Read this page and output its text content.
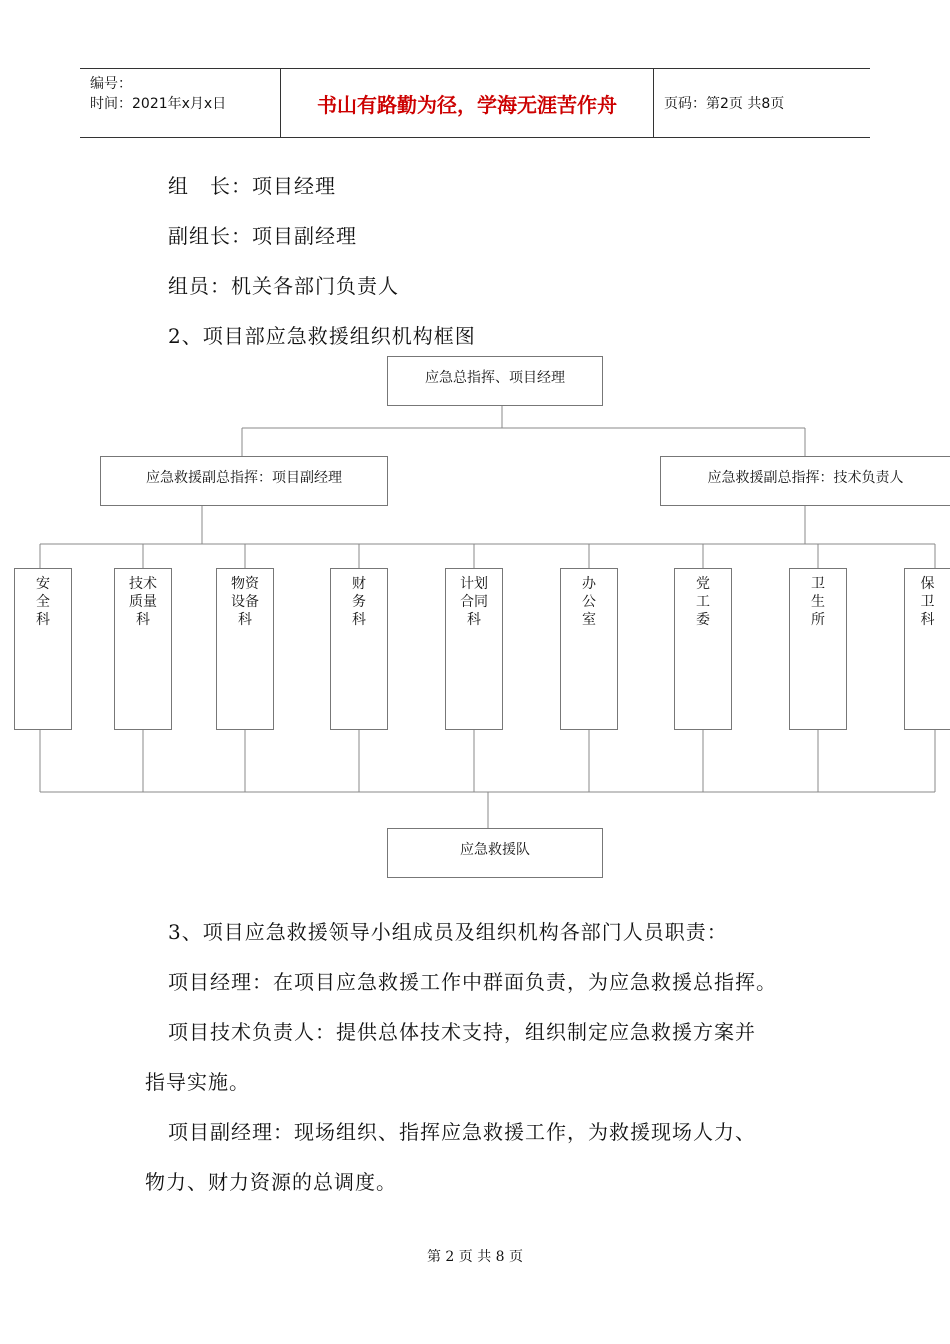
编号：
时间：2021年x月x日	书山有路勤为径，学海无涯苦作舟	页码：第2页 共8页
组　长：项目经理
副组长：项目副经理
组员：机关各部门负责人
2、项目部应急救援组织机构框图
应急总指挥、项目经理
应急救援副总指挥：项目副经理	应急救援副总指挥：技术负责人
安
全
科
技术
质量
科
物资
设备
科
财
务
科
计划
合同
科
办
公
室
党
工
委
卫
生
所
保
卫
科
应急救援队
3、项目应急救援领导小组成员及组织机构各部门人员职责：
项目经理：在项目应急救援工作中群面负责，为应急救援总指挥。
项目技术负责人：提供总体技术支持，组织制定应急救援方案并
指导实施。
项目副经理：现场组织、指挥应急救援工作，为救援现场人力、
物力、财力资源的总调度。
第 2 页 共 8 页
